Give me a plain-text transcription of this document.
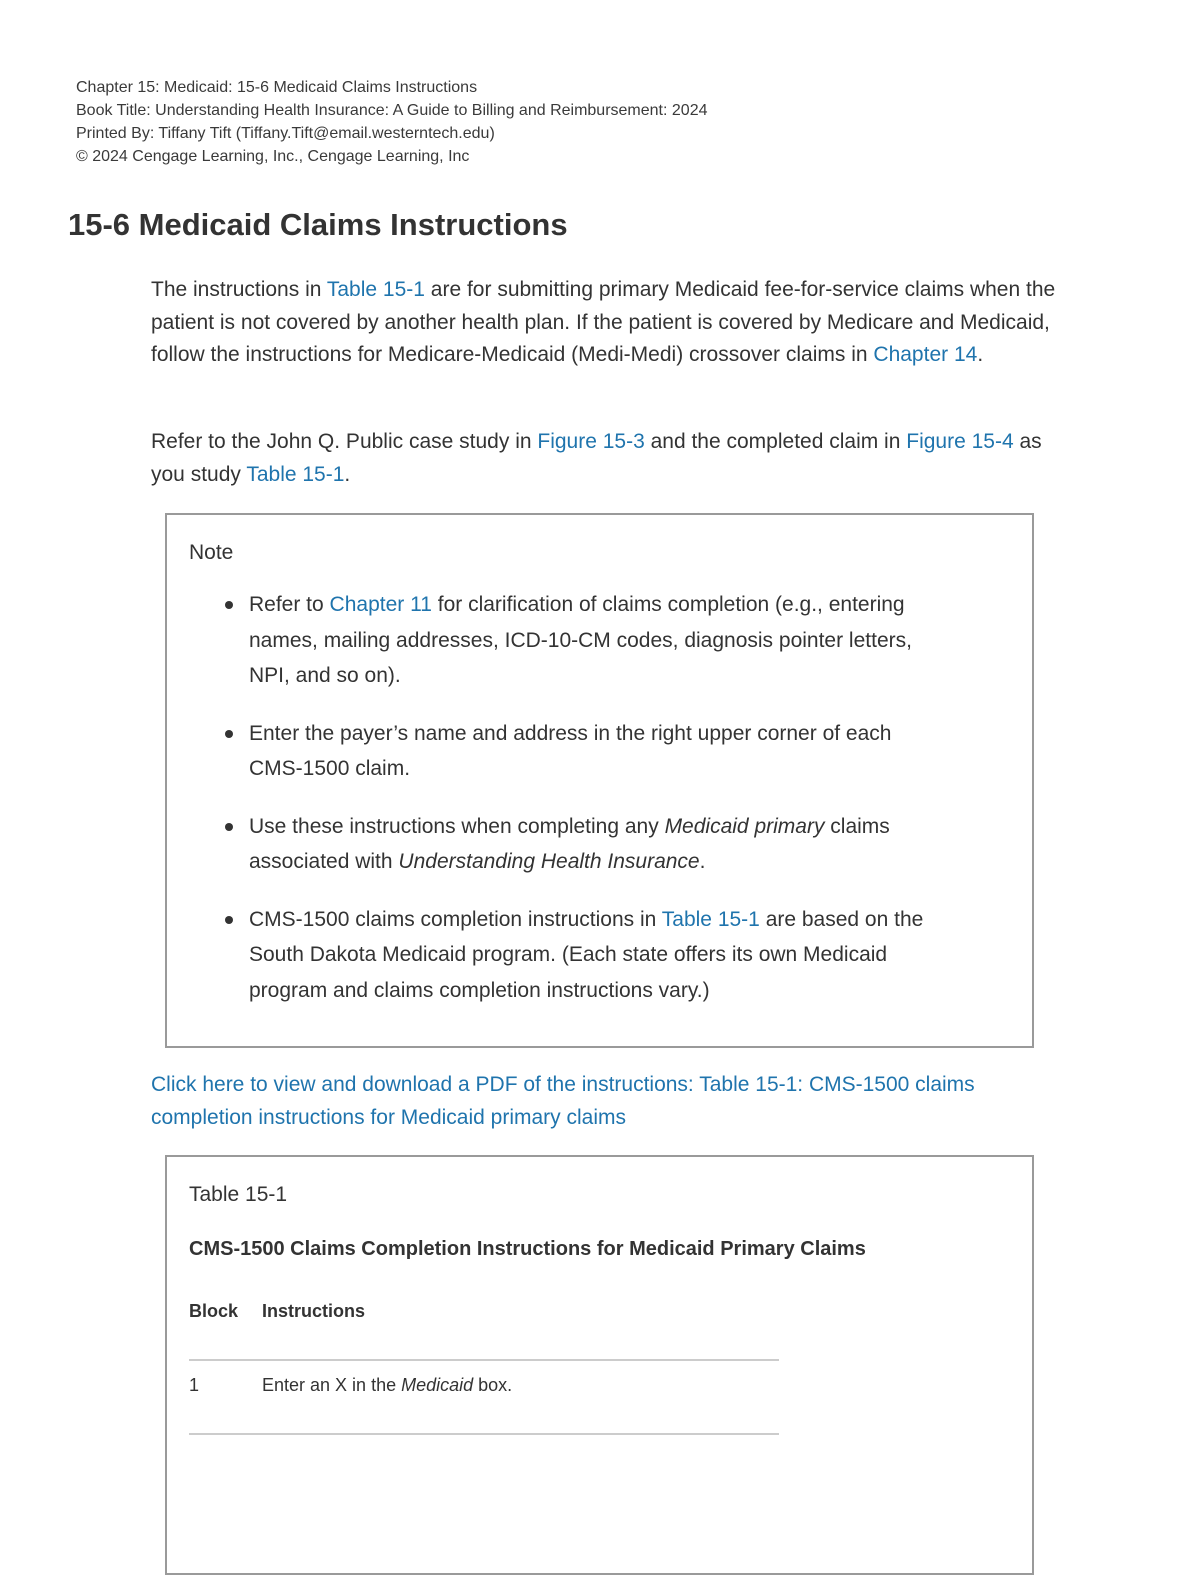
Chapter 15: Medicaid: 15-6 Medicaid Claims Instructions
Book Title: Understanding Health Insurance: A Guide to Billing and Reimbursement: 2024
Printed By: Tiffany Tift (Tiffany.Tift@email.westerntech.edu)
© 2024 Cengage Learning, Inc., Cengage Learning, Inc
15-6 Medicaid Claims Instructions

The instructions in Table 15-1 are for submitting primary Medicaid fee-for-service claims when the patient is not covered by another health plan. If the patient is covered by Medicare and Medicaid, follow the instructions for Medicare-Medicaid (Medi-Medi) crossover claims in Chapter 14.

Refer to the John Q. Public case study in Figure 15-3 and the completed claim in Figure 15-4 as you study Table 15-1.

Note
Refer to Chapter 11 for clarification of claims completion (e.g., entering names, mailing addresses, ICD-10-CM codes, diagnosis pointer letters, NPI, and so on).
Enter the payer’s name and address in the right upper corner of each CMS-1500 claim.
Use these instructions when completing any Medicaid primary claims associated with Understanding Health Insurance.
CMS-1500 claims completion instructions in Table 15-1 are based on the South Dakota Medicaid program. (Each state offers its own Medicaid program and claims completion instructions vary.)
Click here to view and download a PDF of the instructions: Table 15-1: CMS-1500 claims completion instructions for Medicaid primary claims
Table 15-1
CMS-1500 Claims Completion Instructions for Medicaid Primary Claims
Block Instructions
1	Enter an X in the Medicaid box.
